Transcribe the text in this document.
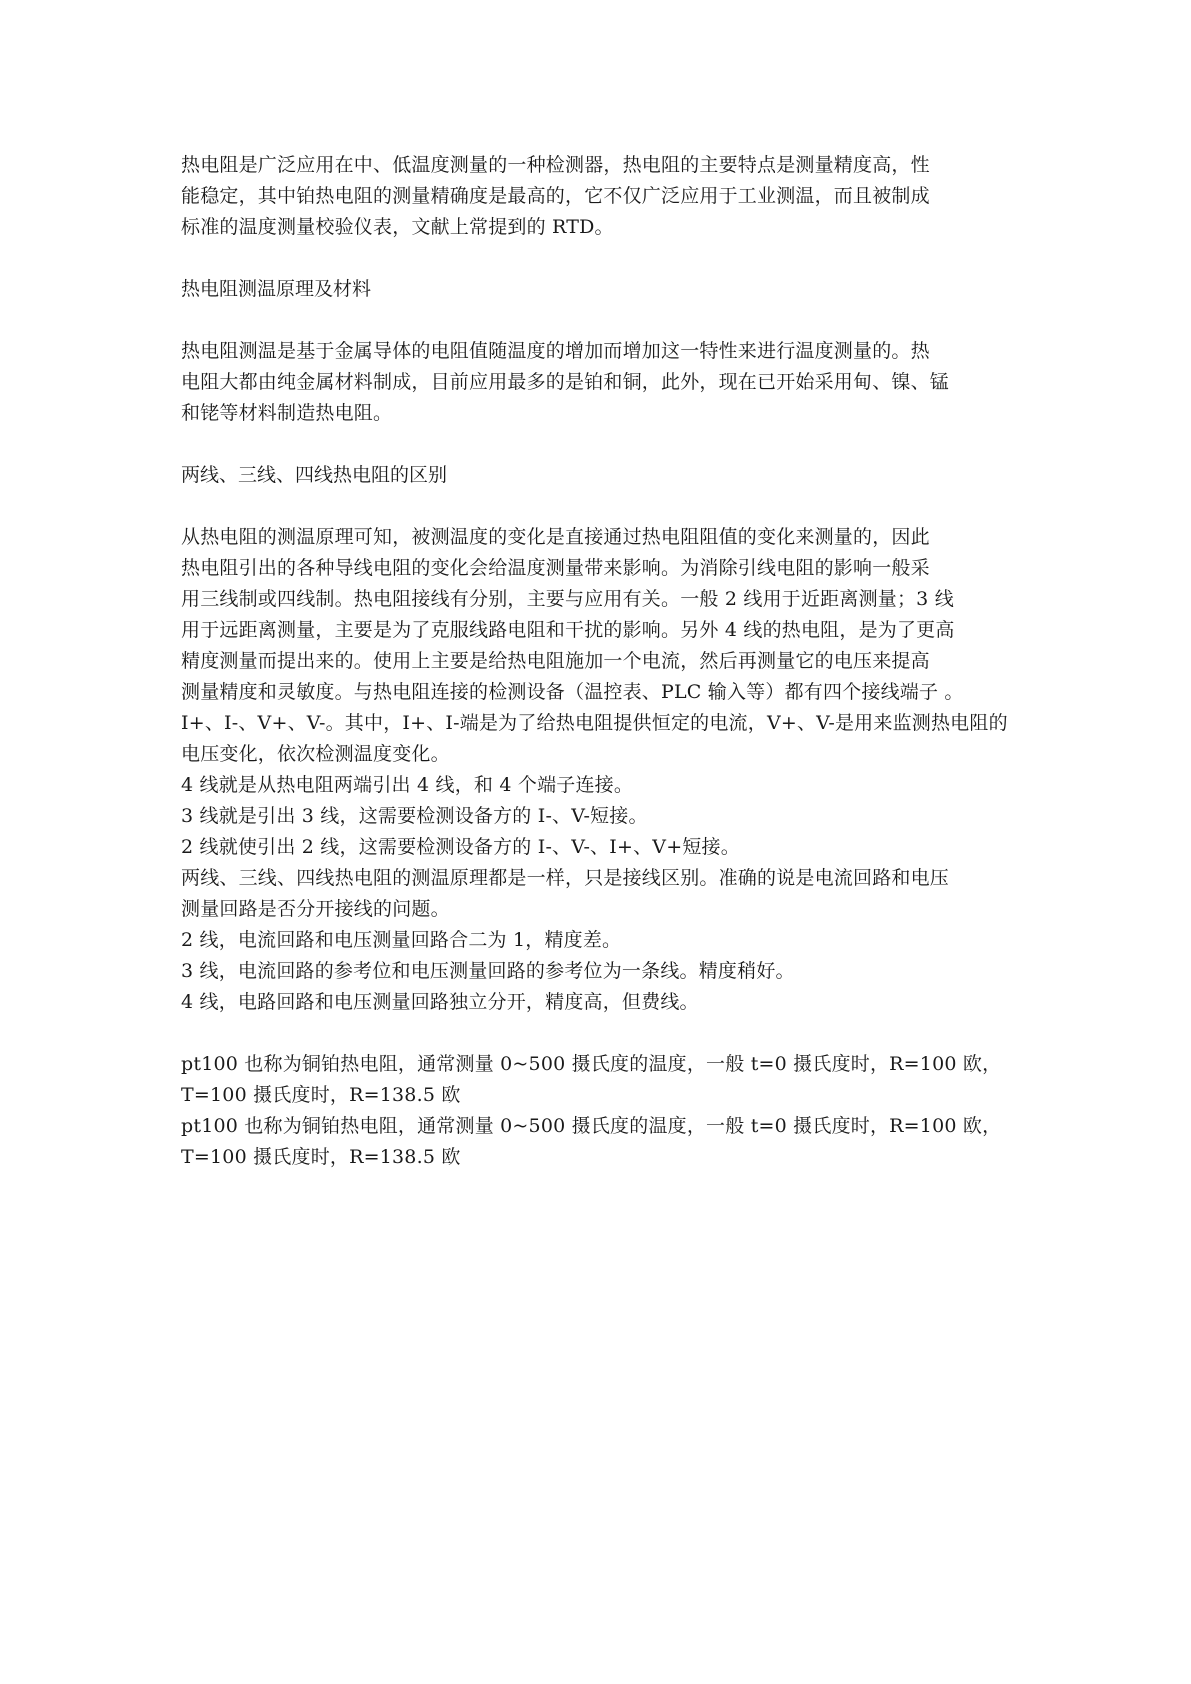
热电阻是广泛应用在中、低温度测量的一种检测器，热电阻的主要特点是测量精度高，性
能稳定，其中铂热电阻的测量精确度是最高的，它不仅广泛应用于工业测温，而且被制成
标准的温度测量校验仪表，文献上常提到的 RTD。

热电阻测温原理及材料

热电阻测温是基于金属导体的电阻值随温度的增加而增加这一特性来进行温度测量的。热
电阻大都由纯金属材料制成，目前应用最多的是铂和铜，此外，现在已开始采用甸、镍、锰
和铑等材料制造热电阻。

两线、三线、四线热电阻的区别

从热电阻的测温原理可知，被测温度的变化是直接通过热电阻阻值的变化来测量的，因此
热电阻引出的各种导线电阻的变化会给温度测量带来影响。为消除引线电阻的影响一般采
用三线制或四线制。热电阻接线有分别，主要与应用有关。一般 2 线用于近距离测量；3 线
用于远距离测量，主要是为了克服线路电阻和干扰的影响。另外 4 线的热电阻，是为了更高
精度测量而提出来的。使用上主要是给热电阻施加一个电流，然后再测量它的电压来提高
测量精度和灵敏度。与热电阻连接的检测设备（温控表、PLC 输入等）都有四个接线端子 。
I+、I-、V+、V-。其中，I+、I-端是为了给热电阻提供恒定的电流，V+、V-是用来监测热电阻的
电压变化，依次检测温度变化。
4 线就是从热电阻两端引出 4 线，和 4 个端子连接。
3 线就是引出 3 线，这需要检测设备方的 I-、V-短接。
2 线就使引出 2 线，这需要检测设备方的 I-、V-、I+、V+短接。
两线、三线、四线热电阻的测温原理都是一样，只是接线区别。准确的说是电流回路和电压
测量回路是否分开接线的问题。
2 线，电流回路和电压测量回路合二为 1，精度差。
3 线，电流回路的参考位和电压测量回路的参考位为一条线。精度稍好。
4 线，电路回路和电压测量回路独立分开，精度高，但费线。

pt100 也称为铜铂热电阻，通常测量 0~500 摄氏度的温度，一般 t=0 摄氏度时，R=100 欧，
T=100 摄氏度时，R=138.5 欧
pt100 也称为铜铂热电阻，通常测量 0~500 摄氏度的温度，一般 t=0 摄氏度时，R=100 欧，
T=100 摄氏度时，R=138.5 欧
